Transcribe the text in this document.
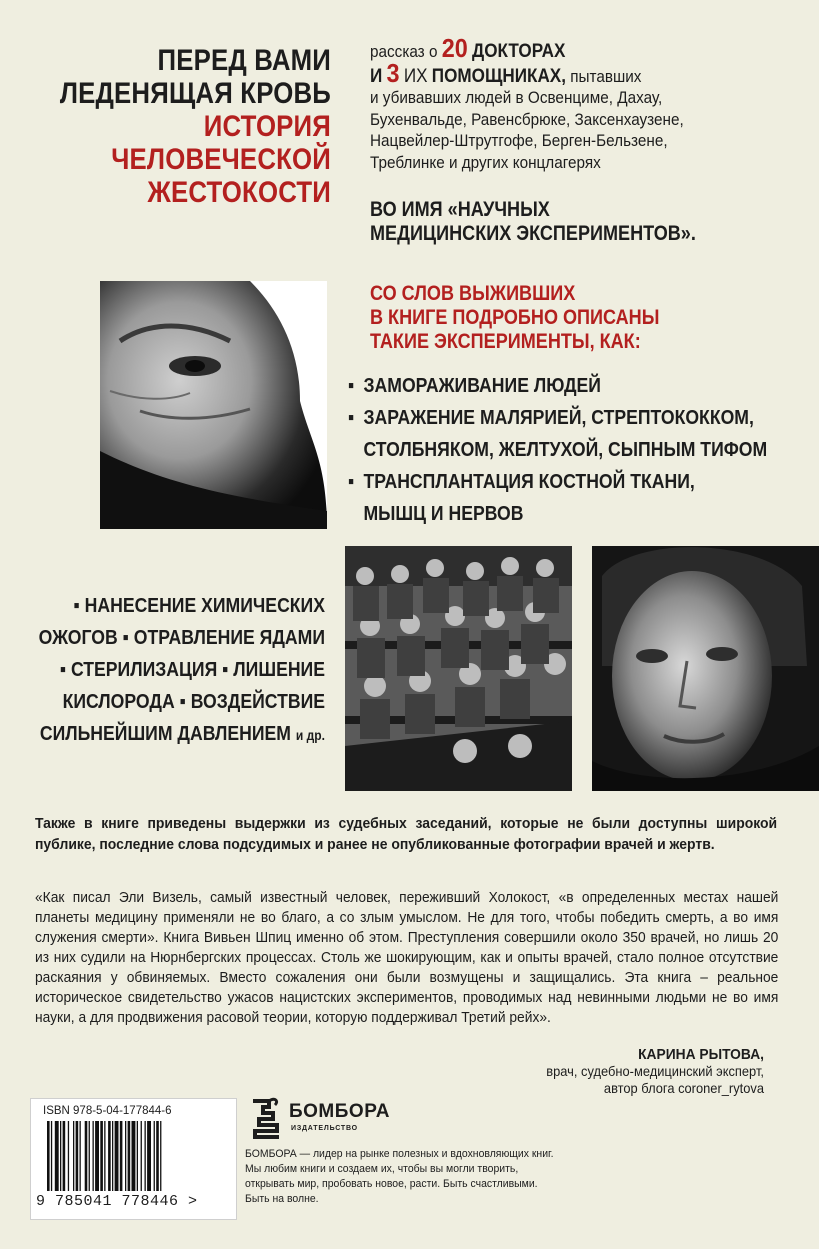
ПЕРЕД ВАМИ
ЛЕДЕНЯЩАЯ КРОВЬ
ИСТОРИЯ
ЧЕЛОВЕЧЕСКОЙ
ЖЕСТОКОСТИ
рассказ о 20 ДОКТОРАХ
И 3 ИХ ПОМОЩНИКАХ, пытавших
и убивавших людей в Освенциме, Дахау,
Бухенвальде, Равенсбрюке, Заксенхаузене,
Нацвейлер-Штрутгофе, Берген-Бельзене,
Треблинке и других концлагерях
ВО ИМЯ «НАУЧНЫХ
МЕДИЦИНСКИХ ЭКСПЕРИМЕНТОВ».
СО СЛОВ ВЫЖИВШИХ
В КНИГЕ ПОДРОБНО ОПИСАНЫ
ТАКИЕ ЭКСПЕРИМЕНТЫ, КАК:
▪ ЗАМОРАЖИВАНИЕ ЛЮДЕЙ
▪ ЗАРАЖЕНИЕ МАЛЯРИЕЙ, СТРЕПТОКОККОМ,
СТОЛБНЯКОМ, ЖЕЛТУХОЙ, СЫПНЫМ ТИФОМ
▪ ТРАНСПЛАНТАЦИЯ КОСТНОЙ ТКАНИ,
МЫШЦ И НЕРВОВ
▪ НАНЕСЕНИЕ ХИМИЧЕСКИХ
ОЖОГОВ ▪ ОТРАВЛЕНИЕ ЯДАМИ
▪ СТЕРИЛИЗАЦИЯ ▪ ЛИШЕНИЕ
КИСЛОРОДА ▪ ВОЗДЕЙСТВИЕ
СИЛЬНЕЙШИМ ДАВЛЕНИЕМ и др.
Также в книге приведены выдержки из судебных заседаний, которые не были доступны широкой публике, последние слова подсудимых и ранее не опубликованные фотографии врачей и жертв.
«Как писал Эли Визель, самый известный человек, переживший Холокост, «в определенных местах нашей планеты медицину применяли не во благо, а со злым умыслом. Не для того, чтобы победить смерть, а во имя служения смерти». Книга Вивьен Шпиц именно об этом. Преступления совершили около 350 врачей, но лишь 20 из них судили на Нюрнбергских процессах. Столь же шокирующим, как и опыты врачей, стало полное отсутствие раскаяния у обвиняемых. Вместо сожаления они были возмущены и защищались. Эта книга – реальное историческое свидетельство ужасов нацистских экспериментов, проводимых над невинными людьми не во имя науки, а для продвижения расовой теории, которую поддерживал Третий рейх».
КАРИНА РЫТОВА,
врач, судебно-медицинский эксперт,
автор блога coroner_rytova
ISBN 978-5-04-177844-6
9 785041 778446 >
БОМБОРА
ИЗДАТЕЛЬСТВО
БОМБОРА — лидер на рынке полезных и вдохновляющих книг. Мы любим книги и создаем их, чтобы вы могли творить, открывать мир, пробовать новое, расти. Быть счастливыми. Быть на волне.
